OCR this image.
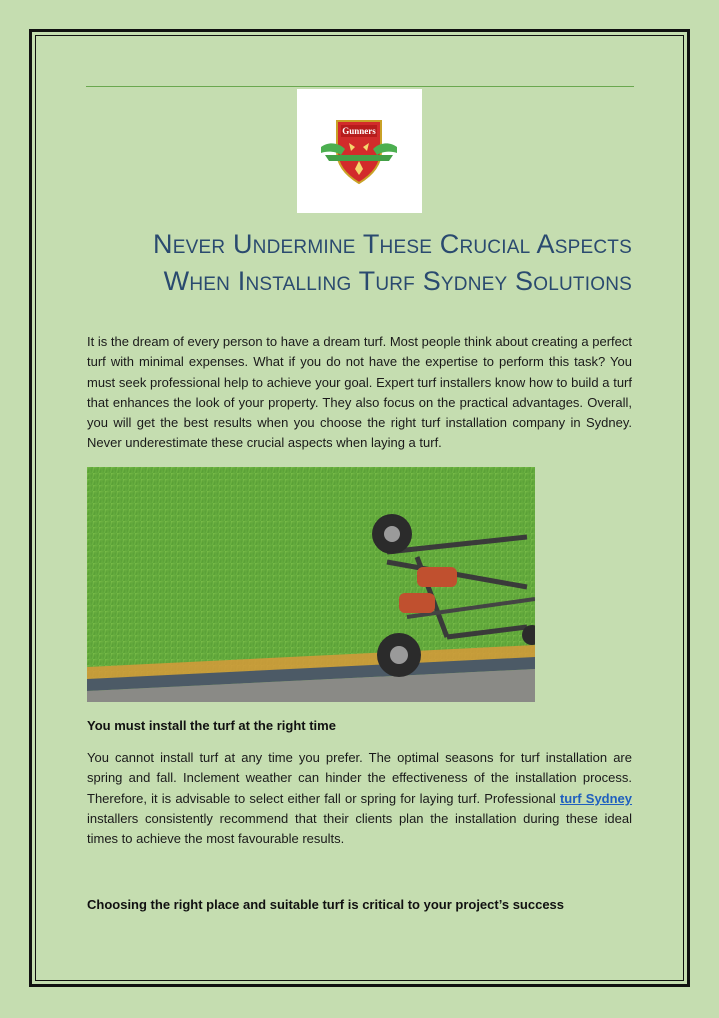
Gunners
Never Undermine These Crucial Aspects
When Installing Turf Sydney Solutions
It is the dream of every person to have a dream turf. Most people think about creating a perfect turf with minimal expenses. What if you do not have the expertise to perform this task? You must seek professional help to achieve your goal. Expert turf installers know how to build a turf that enhances the look of your property. They also focus on the practical advantages. Overall, you will get the best results when you choose the right turf installation company in Sydney. Never underestimate these crucial aspects when laying a turf.
You must install the turf at the right time
You cannot install turf at any time you prefer. The optimal seasons for turf installation are spring and fall. Inclement weather can hinder the effectiveness of the installation process. Therefore, it is advisable to select either fall or spring for laying turf. Professional turf Sydney installers consistently recommend that their clients plan the installation during these ideal times to achieve the most favourable results.
Choosing the right place and suitable turf is critical to your project’s success
